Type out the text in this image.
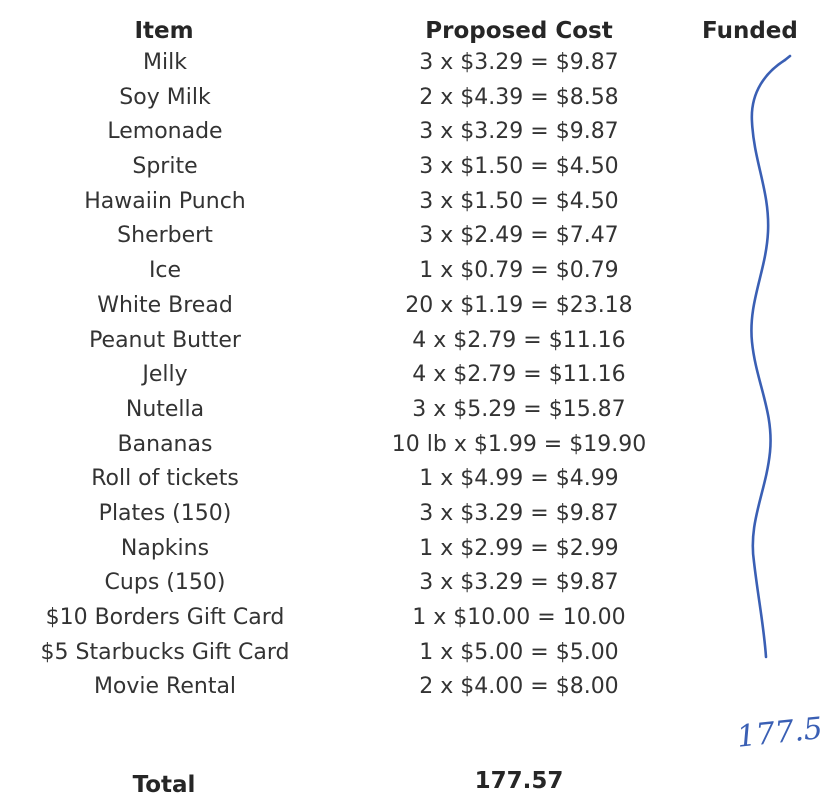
Item	Proposed Cost	Funded
Milk	3 x $3.29 = $9.87
Soy Milk	2 x $4.39 = $8.58
Lemonade	3 x $3.29 = $9.87
Sprite	3 x $1.50 = $4.50
Hawaiin Punch	3 x $1.50 = $4.50
Sherbert	3 x $2.49 = $7.47
Ice	1 x $0.79 = $0.79
White Bread	20 x $1.19 = $23.18
Peanut Butter	4 x $2.79 = $11.16
Jelly	4 x $2.79 = $11.16
Nutella	3 x $5.29 = $15.87
Bananas	10 lb x $1.99 = $19.90
Roll of tickets	1 x $4.99 = $4.99
Plates (150)	3 x $3.29 = $9.87
Napkins	1 x $2.99 = $2.99
Cups (150)	3 x $3.29 = $9.87
$10 Borders Gift Card	1 x $10.00 = 10.00
$5 Starbucks Gift Card	1 x $5.00 = $5.00
Movie Rental	2 x $4.00 = $8.00
177.5
Total	177.57
